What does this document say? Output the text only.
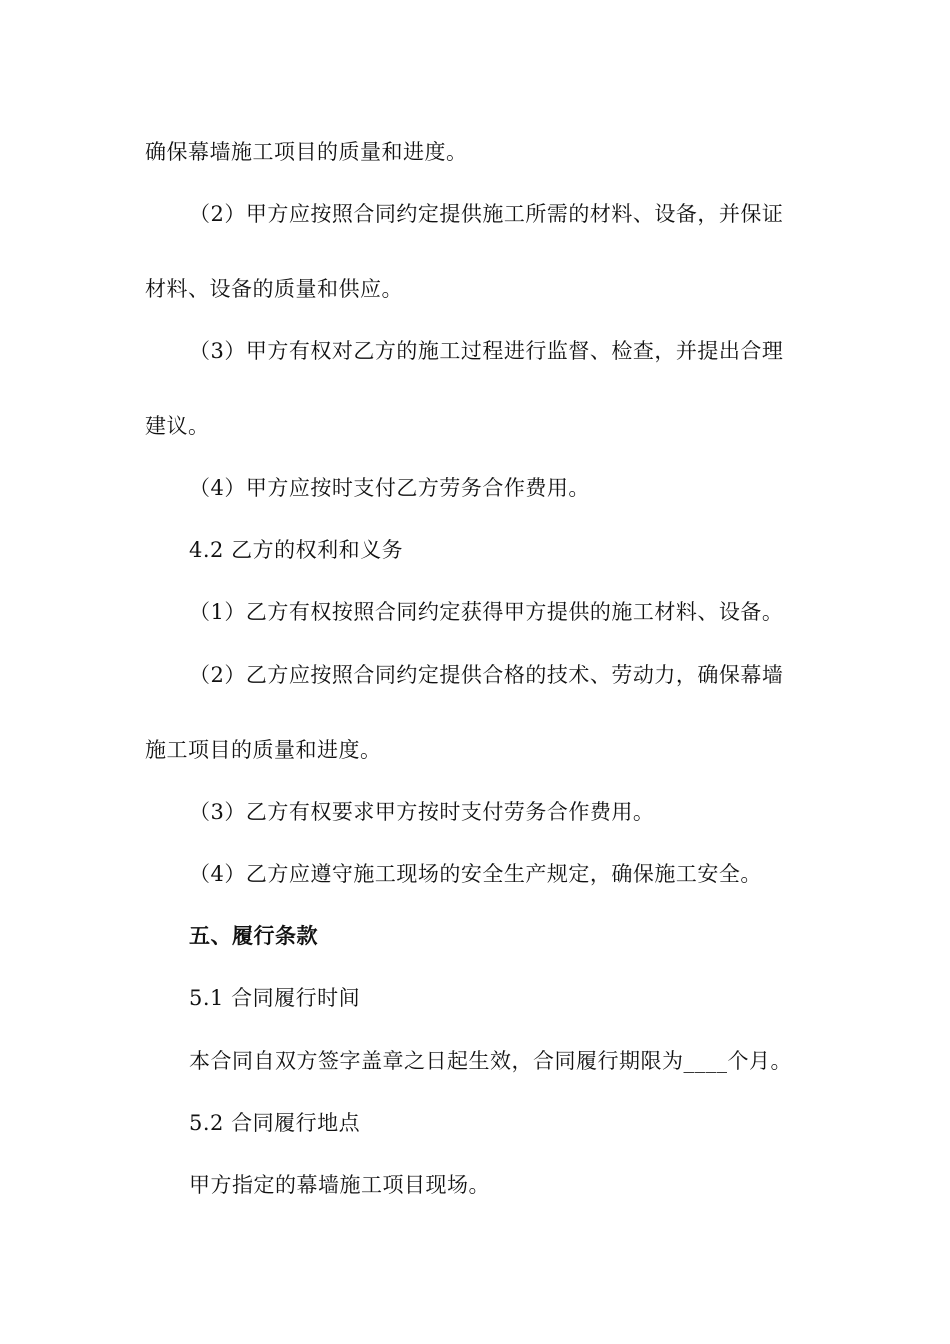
确保幕墙施工项目的质量和进度。
（2）甲方应按照合同约定提供施工所需的材料、设备，并保证
材料、设备的质量和供应。
（3）甲方有权对乙方的施工过程进行监督、检查，并提出合理
建议。
（4）甲方应按时支付乙方劳务合作费用。
4.2 乙方的权利和义务
（1）乙方有权按照合同约定获得甲方提供的施工材料、设备。
（2）乙方应按照合同约定提供合格的技术、劳动力，确保幕墙
施工项目的质量和进度。
（3）乙方有权要求甲方按时支付劳务合作费用。
（4）乙方应遵守施工现场的安全生产规定，确保施工安全。
五、履行条款
5.1 合同履行时间
本合同自双方签字盖章之日起生效，合同履行期限为____个月。
5.2 合同履行地点
甲方指定的幕墙施工项目现场。
